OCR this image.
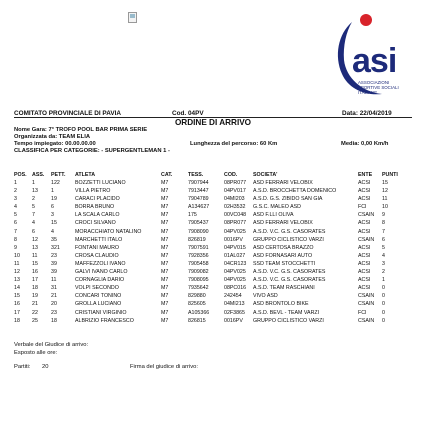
asi
ASSOCIAZIONI
SPORTIVE SOCIALI
ITALIANE
COMITATO PROVINCIALE DI PAVIA	Cod. 04PV	Data: 22/04/2019
ORDINE DI ARRIVO
Nome Gara: 7° TROFO POOL BAR PRIMA SERIE
Organizzata da: TEAM ELIA
Tempo impiegato: 00.00.00.00	Lunghezza del percorso: 60 Km	Media: 0,00 Km/h
CLASSIFICA PER CATEGORIE: - SUPERGENTLEMAN 1 -
POS.	ASS.	PETT.	ATLETA	CAT.	TESS.	COD.	SOCIETA'	ENTE	PUNTI
1	1	122	BOZZETTI LUCIANO	M7	7907944	08PR077	ASD FERRARI VELOBIX	ACSI	15
2	13	1	VILLA PIETRO	M7	7913447	04PV017	A.S.D. BROCCHETTA DOMENICO	ACSI	12
3	2	19	CARACI PLACIDO	M7	7904789	04MI203	A.S.D. G.S. ZIBIDO SAN GIA	ACSI	11
4	5	6	BORRA BRUNO	M7	A134627	02H3532	G.S.C. MALEO ASD	FCI	10
5	7	3	LA SCALA CARLO	M7	175	00VC048	ASD F.LLI OLIVA	CSAIN	9
6	4	15	CROCI SILVANO	M7	7905437	08PR077	ASD FERRARI VELOBIX	ACSI	8
7	6	4	MORACCHIATO NATALINO	M7	7908090	04PV025	A.S.D. V.C. G.S. CASORATES	ACSI	7
8	12	35	MARCHETTI ITALO	M7	826819	0016PV	GRUPPO CICLISTICO VARZI	CSAIN	6
9	13	321	FONTANI MAURO	M7	7907591	04PV015	ASD CERTOSA BRAZZO	ACSI	5
10	11	23	CROSA CLAUDIO	M7	7928356	01AL027	ASD FORNASARI AUTO	ACSI	4
11	15	39	MAFFEZZOLI IVANO	M7	7905458	04CR123	SSD TEAM STOCCHETTI	ACSI	3
12	16	39	GALVI IVANO CARLO	M7	7909082	04PV025	A.S.D. V.C. G.S. CASORATES	ACSI	2
13	17	11	CORNAGLIA DARIO	M7	7908095	04PV025	A.S.D. V.C. G.S. CASORATES	ACSI	1
14	18	31	VOLPI SECONDO	M7	7935642	08PC016	A.S.D. TEAM RASCHIANI	ACSI	0
15	19	21	CONCARI TONINO	M7	829880	242454	VIVO ASD	CSAIN	0
16	21	20	GROLLA LUCIANO	M7	825605	04MI213	ASD BRONTOLO BIKE	CSAIN	0
17	22	23	CRISTIANI VIRGINIO	M7	A105366	02F3865	A.S.D. BEVL - TEAM VARZI	FCI	0
18	25	18	ALBRIZIO FRANCESCO	M7	826815	0016PV	GRUPPO CICLISTICO VARZI	CSAIN	0
Verbale del Giudice di arrivo:
Esposto alle ore:
Partiti: 20	Firma del giudice di arrivo:
